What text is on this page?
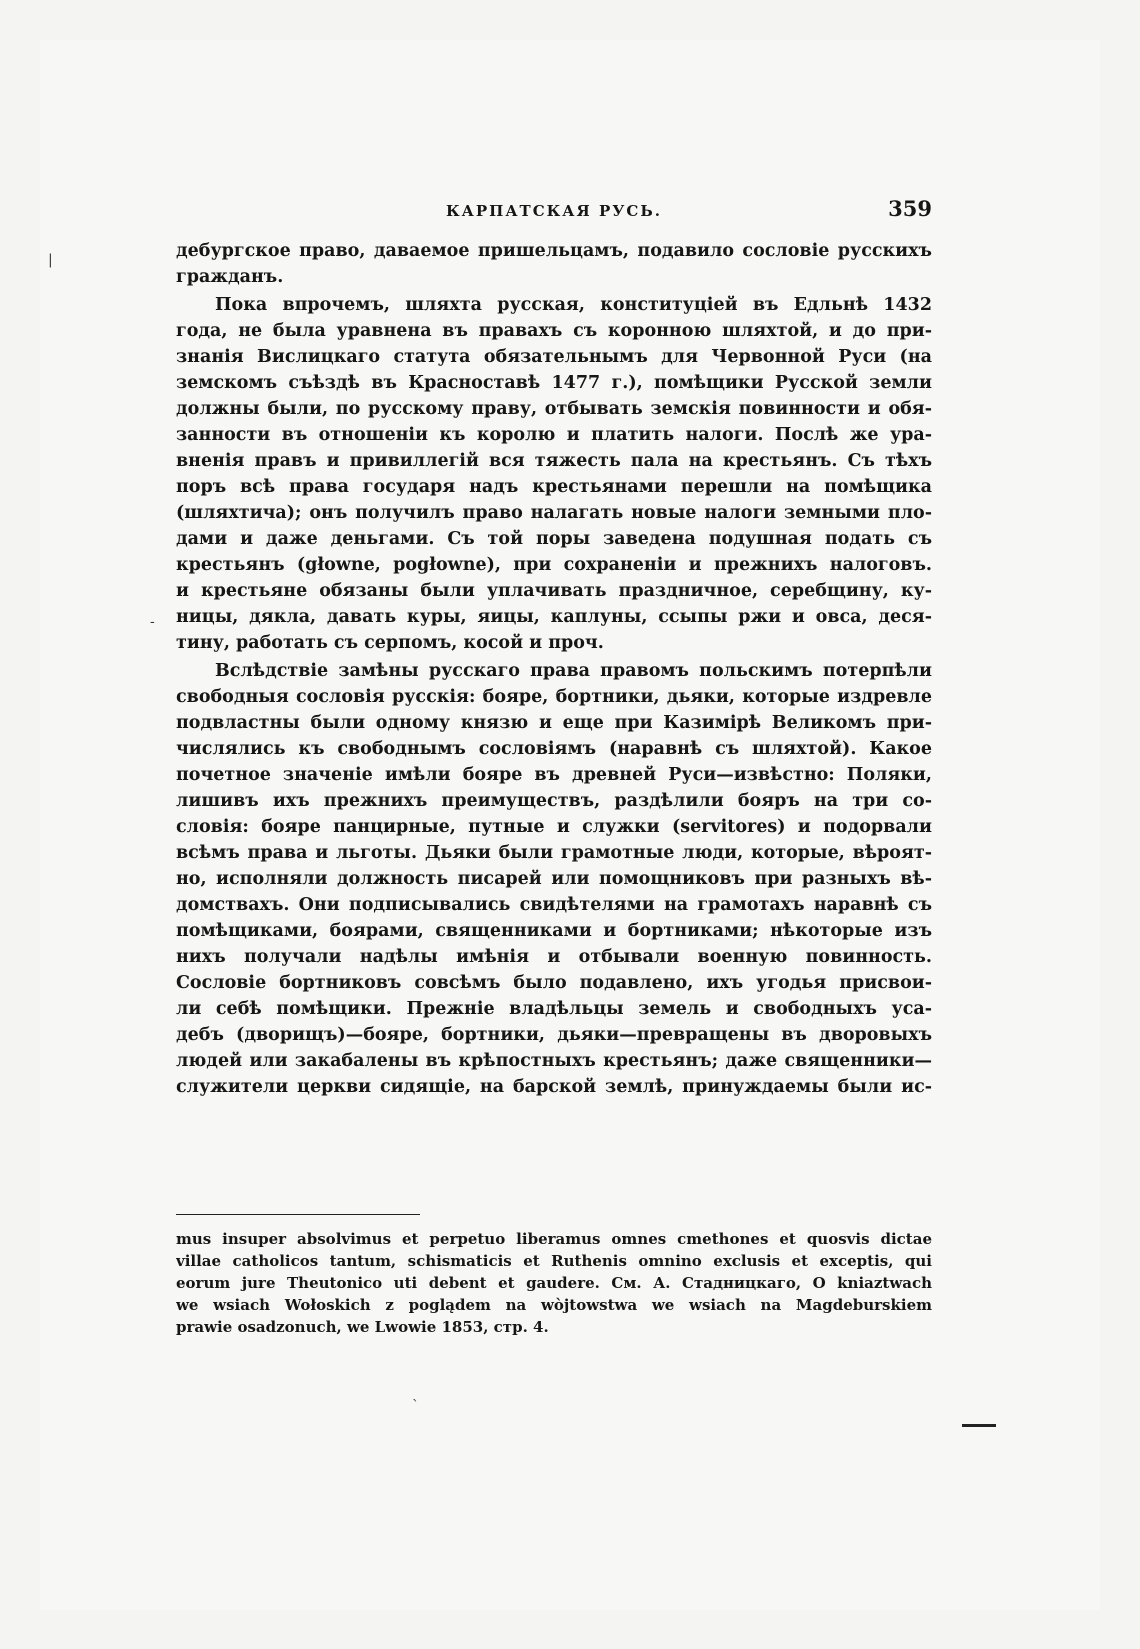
КАРПАТСКАЯ РУСЬ.	359
дебургское право, даваемое пришельцамъ, подавило сословіе русскихъ
гражданъ.
Пока впрочемъ, шляхта русская, конституціей въ Едльнѣ 1432
года, не была уравнена въ правахъ съ коронною шляхтой, и до при-
знанія Вислицкаго статута обязательнымъ для Червонной Руси (на
земскомъ съѣздѣ въ Красноставѣ 1477 г.), помѣщики Русской земли
должны были, по русскому праву, отбывать земскія повинности и обя-
занности въ отношеніи къ королю и платить налоги. Послѣ же ура-
вненія правъ и привиллегій вся тяжесть пала на крестьянъ. Съ тѣхъ
поръ всѣ права государя надъ крестьянами перешли на помѣщика
(шляхтича); онъ получилъ право налагать новые налоги земными пло-
дами и даже деньгами. Съ той поры заведена подушная подать съ
крестьянъ (głowne, pogłowne), при сохраненіи и прежнихъ налоговъ.
и крестьяне обязаны были уплачивать праздничное, серебщину, ку-
ницы, дякла, давать куры, яицы, каплуны, ссыпы ржи и овса, деся-
тину, работать съ серпомъ, косой и проч.
Вслѣдствіе замѣны русскаго права правомъ польскимъ потерпѣли
свободныя сословія русскія: бояре, бортники, дьяки, которые издревле
подвластны были одному князю и еще при Казимірѣ Великомъ при-
числялись къ свободнымъ сословіямъ (наравнѣ съ шляхтой). Какое
почетное значеніе имѣли бояре въ древней Руси—извѣстно: Поляки,
лишивъ ихъ прежнихъ преимуществъ, раздѣлили бояръ на три со-
словія: бояре панцирные, путные и служки (servitores) и подорвали
всѣмъ права и льготы. Дьяки были грамотные люди, которые, вѣроят-
но, исполняли должность писарей или помощниковъ при разныхъ вѣ-
домствахъ. Они подписывались свидѣтелями на грамотахъ наравнѣ съ
помѣщиками, боярами, священниками и бортниками; нѣкоторые изъ
нихъ получали надѣлы имѣнія и отбывали военную повинность.
Сословіе бортниковъ совсѣмъ было подавлено, ихъ угодья присвои-
ли себѣ помѣщики. Прежніе владѣльцы земель и свободныхъ уса-
дебъ (дворищъ)—бояре, бортники, дьяки—превращены въ дворовыхъ
людей или закабалены въ крѣпостныхъ крестьянъ; даже священники—
служители церкви сидящіе, на барской землѣ, принуждаемы были ис-
mus insuper absolvimus et perpetuo liberamus omnes cmethones et quosvis dictae
villae catholicos tantum, schismaticis et Ruthenis omnino exclusis et exceptis, qui
eorum jure Theutonico uti debent et gaudere. См. А. Стадницкаго, O kniaztwach
we wsiach Wołoskich z poglądem na wòjtowstwa we wsiach na Magdeburskiem
prawie osadzonuch, we Lwowie 1853, стр. 4.
|
-
ˋ
